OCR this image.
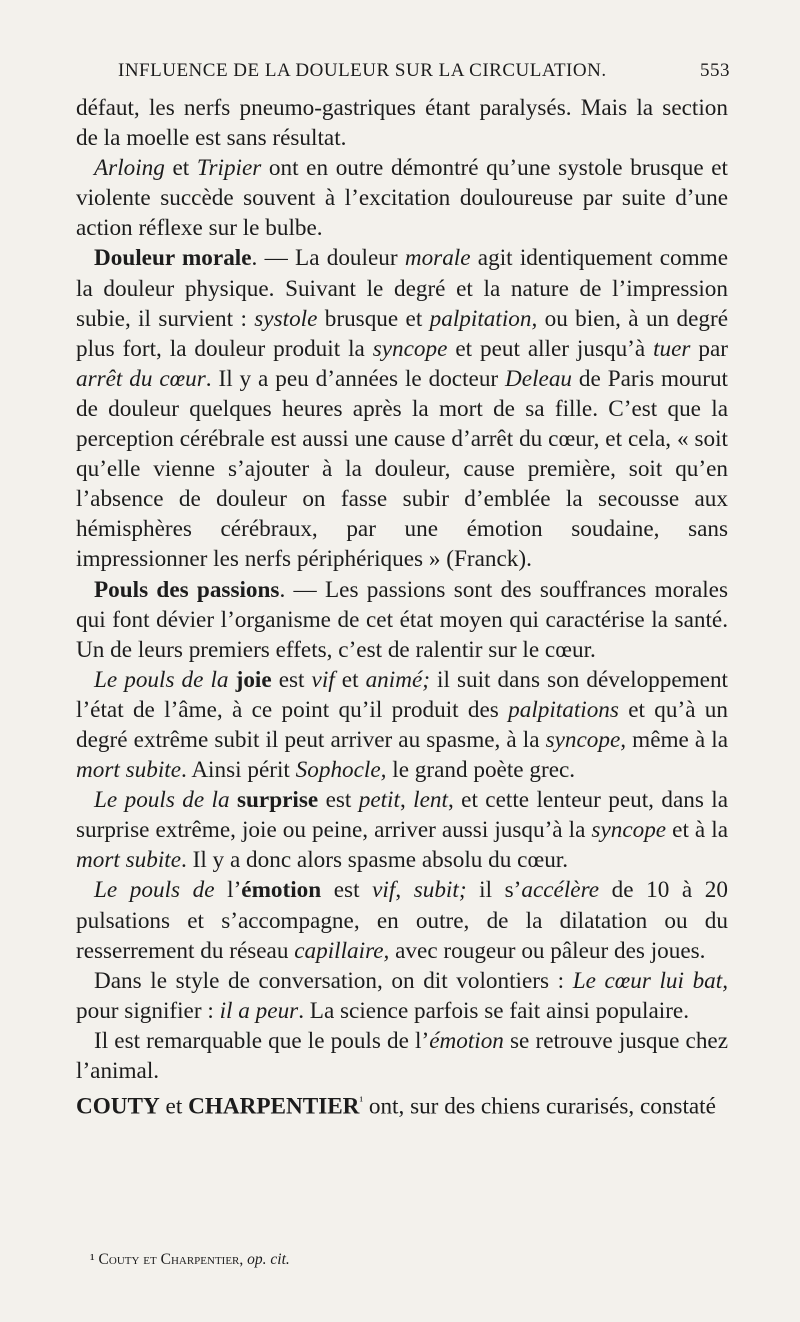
INFLUENCE DE LA DOULEUR SUR LA CIRCULATION.	553

défaut, les nerfs pneumo-gastriques étant paralysés. Mais la section de la moelle est sans résultat.

Arloing et Tripier ont en outre démontré qu’une systole brusque et violente succède souvent à l’excitation douloureuse par suite d’une action réflexe sur le bulbe.

Douleur morale. — La douleur morale agit identiquement comme la douleur physique. Suivant le degré et la nature de l’impression subie, il survient : systole brusque et palpitation, ou bien, à un degré plus fort, la douleur produit la syncope et peut aller jusqu’à tuer par arrêt du cœur. Il y a peu d’années le docteur Deleau de Paris mourut de douleur quelques heures après la mort de sa fille. C’est que la perception cérébrale est aussi une cause d’arrêt du cœur, et cela, « soit qu’elle vienne s’ajouter à la douleur, cause première, soit qu’en l’absence de douleur on fasse subir d’emblée la secousse aux hémisphères cérébraux, par une émotion soudaine, sans impressionner les nerfs périphériques » (Franck).

Pouls des passions. — Les passions sont des souffrances morales qui font dévier l’organisme de cet état moyen qui caractérise la santé. Un de leurs premiers effets, c’est de ralentir sur le cœur.

Le pouls de la joie est vif et animé; il suit dans son développement l’état de l’âme, à ce point qu’il produit des palpitations et qu’à un degré extrême subit il peut arriver au spasme, à la syncope, même à la mort subite. Ainsi périt Sophocle, le grand poète grec.

Le pouls de la surprise est petit, lent, et cette lenteur peut, dans la surprise extrême, joie ou peine, arriver aussi jusqu’à la syncope et à la mort subite. Il y a donc alors spasme absolu du cœur.

Le pouls de l’émotion est vif, subit; il s’accélère de 10 à 20 pulsations et s’accompagne, en outre, de la dilatation ou du resserrement du réseau capillaire, avec rougeur ou pâleur des joues.

Dans le style de conversation, on dit volontiers : Le cœur lui bat, pour signifier : il a peur. La science parfois se fait ainsi populaire.

Il est remarquable que le pouls de l’émotion se retrouve jusque chez l’animal.

COUTY et $CHARPENTIER^{^1}$ ont, sur des chiens curarisés, constaté

¹ Couty et Charpentier, op. cit.
